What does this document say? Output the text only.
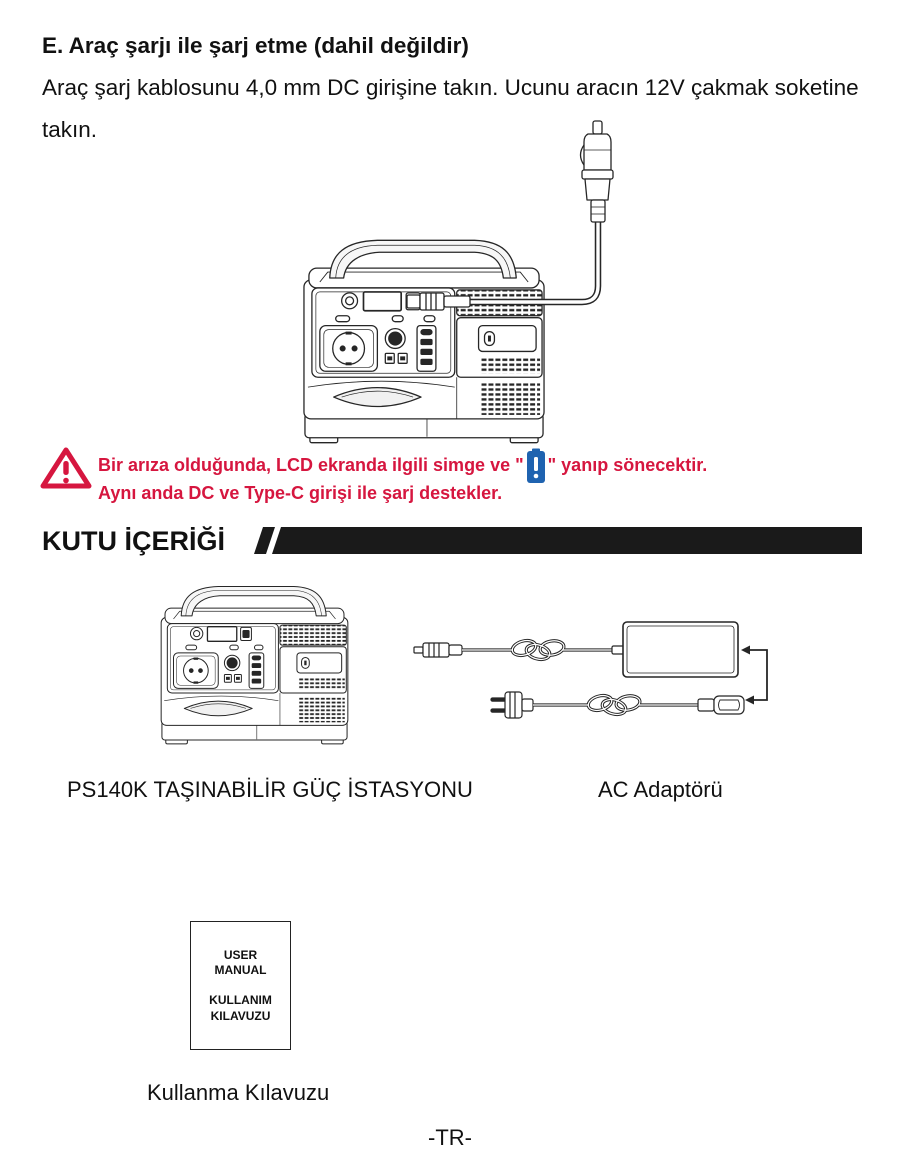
E. Araç şarjı ile şarj etme (dahil değildir)
Araç şarj kablosunu 4,0 mm DC girişine takın. Ucunu aracın 12V çakmak soketine
takın.
Bir arıza olduğunda, LCD ekranda ilgili simge ve " " yanıp sönecektir.
Aynı anda DC ve Type-C girişi ile şarj destekler.
KUTU İÇERİĞİ
PS140K TAŞINABİLİR GÜÇ İSTASYONU	AC Adaptörü
USER
MANUAL
KULLANIM
KILAVUZU
Kullanma Kılavuzu
-TR-
